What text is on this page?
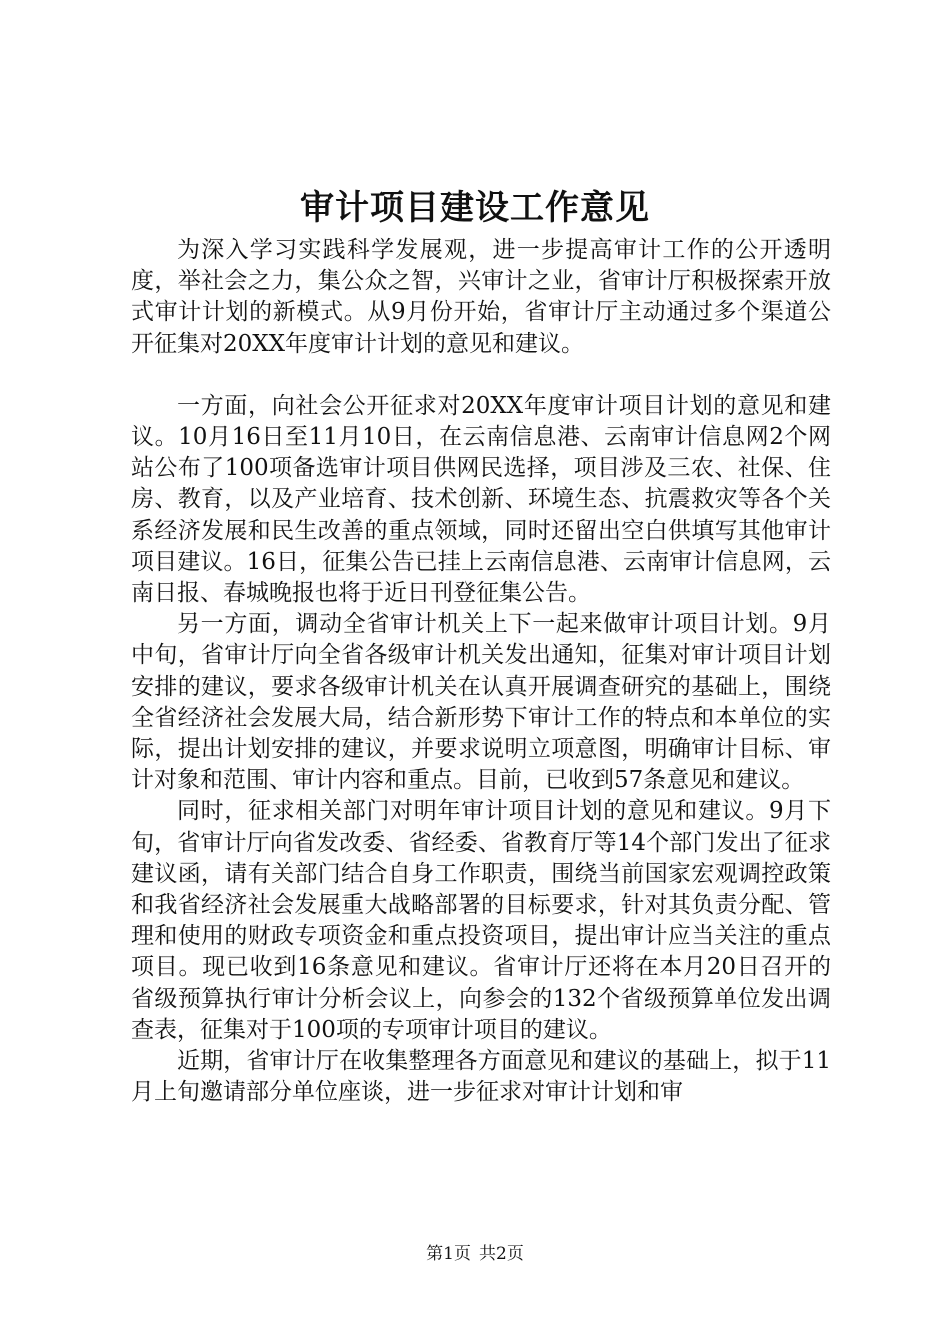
审计项目建设工作意见

为深入学习实践科学发展观，进一步提高审计工作的公开透明度，举社会之力，集公众之智，兴审计之业，省审计厅积极探索开放式审计计划的新模式。从9月份开始，省审计厅主动通过多个渠道公开征集对20XX年度审计计划的意见和建议。

一方面，向社会公开征求对20XX年度审计项目计划的意见和建议。10月16日至11月10日，在云南信息港、云南审计信息网2个网站公布了100项备选审计项目供网民选择，项目涉及三农、社保、住房、教育，以及产业培育、技术创新、环境生态、抗震救灾等各个关系经济发展和民生改善的重点领域，同时还留出空白供填写其他审计项目建议。16日，征集公告已挂上云南信息港、云南审计信息网，云南日报、春城晚报也将于近日刊登征集公告。

另一方面，调动全省审计机关上下一起来做审计项目计划。9月中旬，省审计厅向全省各级审计机关发出通知，征集对审计项目计划安排的建议，要求各级审计机关在认真开展调查研究的基础上，围绕全省经济社会发展大局，结合新形势下审计工作的特点和本单位的实际，提出计划安排的建议，并要求说明立项意图，明确审计目标、审计对象和范围、审计内容和重点。目前，已收到57条意见和建议。

同时，征求相关部门对明年审计项目计划的意见和建议。9月下旬，省审计厅向省发改委、省经委、省教育厅等14个部门发出了征求建议函，请有关部门结合自身工作职责，围绕当前国家宏观调控政策和我省经济社会发展重大战略部署的目标要求，针对其负责分配、管理和使用的财政专项资金和重点投资项目，提出审计应当关注的重点项目。现已收到16条意见和建议。省审计厅还将在本月20日召开的省级预算执行审计分析会议上，向参会的132个省级预算单位发出调查表，征集对于100项的专项审计项目的建议。

近期，省审计厅在收集整理各方面意见和建议的基础上，拟于11月上旬邀请部分单位座谈，进一步征求对审计计划和审

第1页 共2页
